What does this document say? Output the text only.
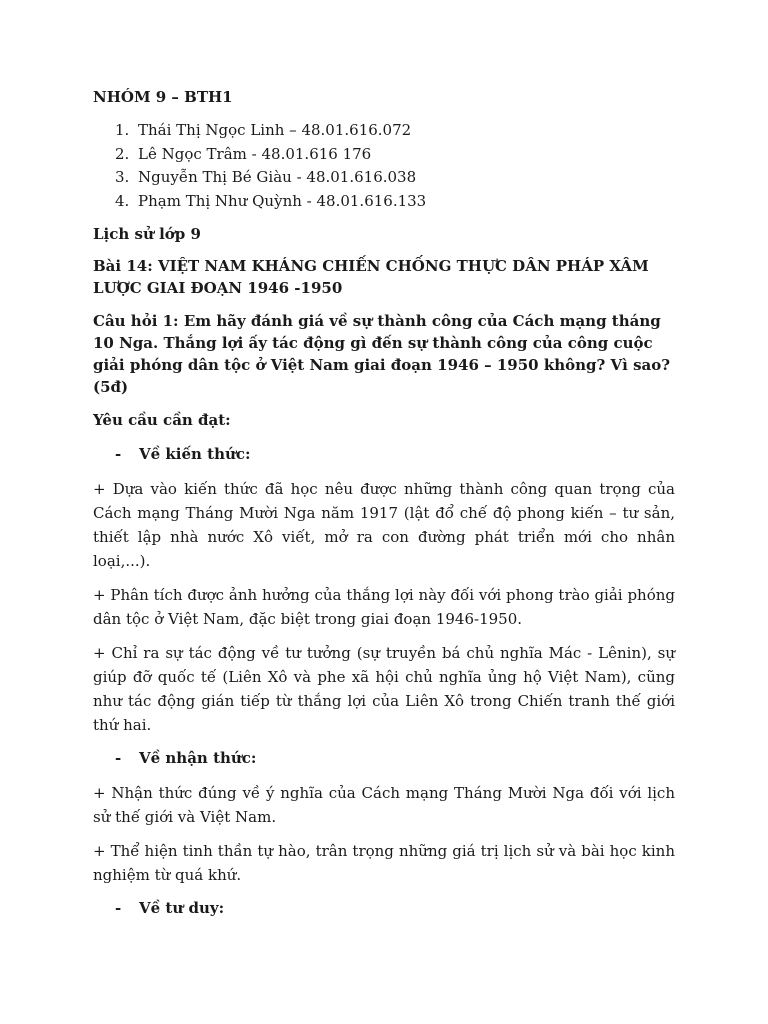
NHÓM 9 – BTH1
1. Thái Thị Ngọc Linh – 48.01.616.072
2. Lê Ngọc Trâm - 48.01.616 176
3. Nguyễn Thị Bé Giàu - 48.01.616.038
4. Phạm Thị Như Quỳnh - 48.01.616.133
Lịch sử lớp 9
Bài 14: VIỆT NAM KHÁNG CHIẾN CHỐNG THỰC DÂN PHÁP XÂM LƯỢC GIAI ĐOẠN 1946 -1950
Câu hỏi 1: Em hãy đánh giá về sự thành công của Cách mạng tháng 10 Nga. Thắng lợi ấy tác động gì đến sự thành công của công cuộc giải phóng dân tộc ở Việt Nam giai đoạn 1946 – 1950 không? Vì sao? (5đ)
Yêu cầu cần đạt:
- Về kiến thức:

+ Dựa vào kiến thức đã học nêu được những thành công quan trọng của Cách mạng Tháng Mười Nga năm 1917 (lật đổ chế độ phong kiến – tư sản, thiết lập nhà nước Xô viết, mở ra con đường phát triển mới cho nhân loại,...).

+ Phân tích được ảnh hưởng của thắng lợi này đối với phong trào giải phóng dân tộc ở Việt Nam, đặc biệt trong giai đoạn 1946-1950.

+ Chỉ ra sự tác động về tư tưởng (sự truyền bá chủ nghĩa Mác - Lênin), sự giúp đỡ quốc tế (Liên Xô và phe xã hội chủ nghĩa ủng hộ Việt Nam), cũng như tác động gián tiếp từ thắng lợi của Liên Xô trong Chiến tranh thế giới thứ hai.

- Về nhận thức:

+ Nhận thức đúng về ý nghĩa của Cách mạng Tháng Mười Nga đối với lịch sử thế giới và Việt Nam.

+ Thể hiện tinh thần tự hào, trân trọng những giá trị lịch sử và bài học kinh nghiệm từ quá khứ.

- Về tư duy:
